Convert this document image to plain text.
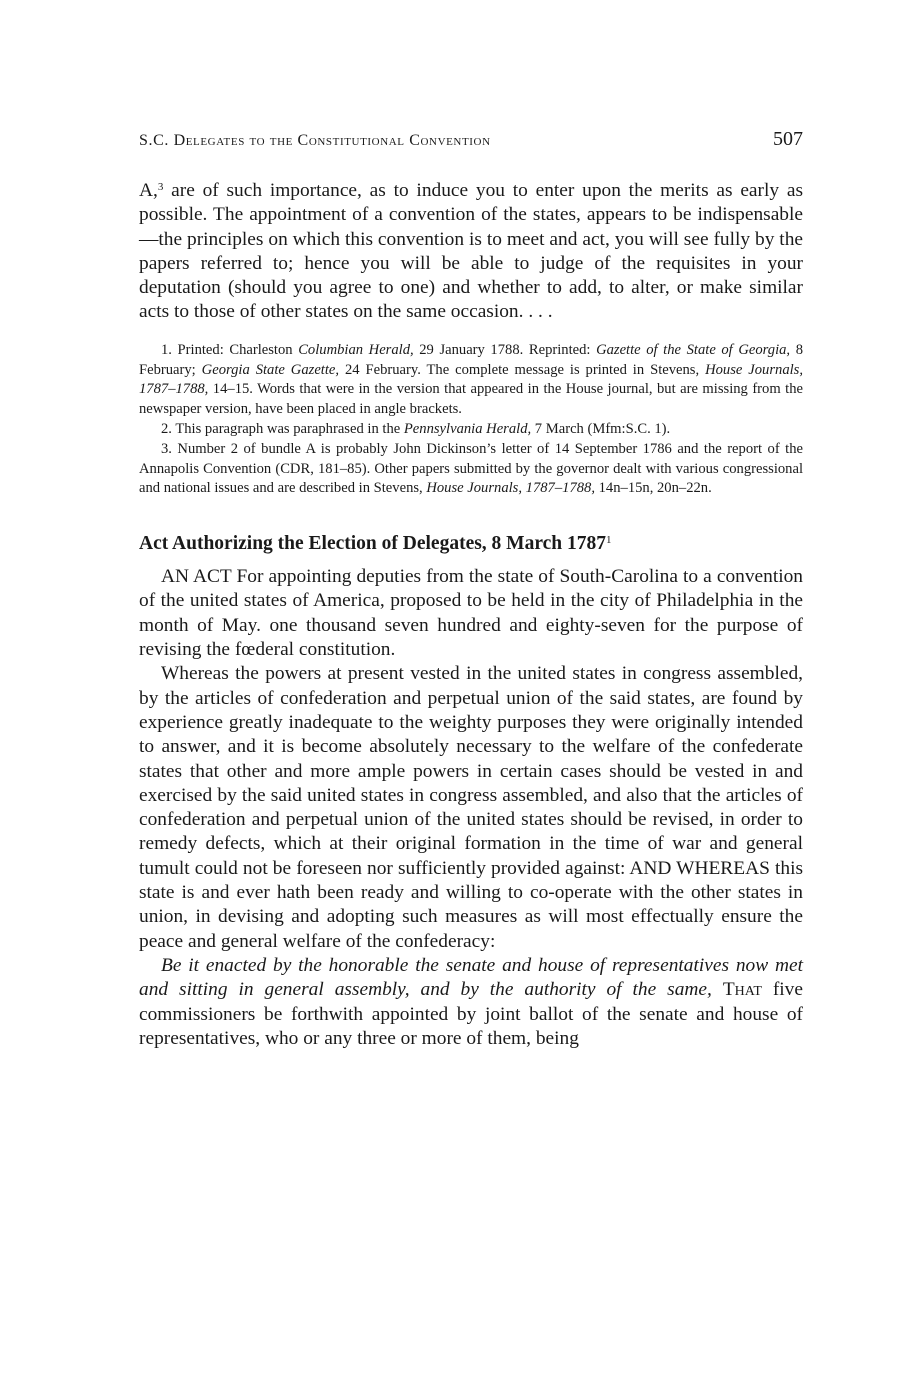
S.C. Delegates to the Constitutional Convention	507

A,$^3$ are of such importance, as to induce you to enter upon the merits as early as possible. The appointment of a convention of the states, appears to be indispensable—the principles on which this convention is to meet and act, you will see fully by the papers referred to; hence you will be able to judge of the requisites in your deputation (should you agree to one) and whether to add, to alter, or make similar acts to those of other states on the same occasion. . . .

1. Printed: Charleston Columbian Herald, 29 January 1788. Reprinted: Gazette of the State of Georgia, 8 February; Georgia State Gazette, 24 February. The complete message is printed in Stevens, House Journals, 1787–1788, 14–15. Words that were in the version that appeared in the House journal, but are missing from the newspaper version, have been placed in angle brackets.

2. This paragraph was paraphrased in the Pennsylvania Herald, 7 March (Mfm:S.C. 1).

3. Number 2 of bundle A is probably John Dickinson’s letter of 14 September 1786 and the report of the Annapolis Convention (CDR, 181–85). Other papers submitted by the governor dealt with various congressional and national issues and are described in Stevens, House Journals, 1787–1788, 14n–15n, 20n–22n.

Act Authorizing the Election of Delegates, 8 March 1787$^1$

AN ACT For appointing deputies from the state of South-Carolina to a convention of the united states of America, proposed to be held in the city of Philadelphia in the month of May. one thousand seven hundred and eighty-seven for the purpose of revising the fœderal constitution.

Whereas the powers at present vested in the united states in congress assembled, by the articles of confederation and perpetual union of the said states, are found by experience greatly inadequate to the weighty purposes they were originally intended to answer, and it is become absolutely necessary to the welfare of the confederate states that other and more ample powers in certain cases should be vested in and exercised by the said united states in congress assembled, and also that the articles of confederation and perpetual union of the united states should be revised, in order to remedy defects, which at their original formation in the time of war and general tumult could not be foreseen nor sufficiently provided against: AND WHEREAS this state is and ever hath been ready and willing to co-operate with the other states in union, in devising and adopting such measures as will most effectually ensure the peace and general welfare of the confederacy:

Be it enacted by the honorable the senate and house of representatives now met and sitting in general assembly, and by the authority of the same, That five commissioners be forthwith appointed by joint ballot of the senate and house of representatives, who or any three or more of them, being
